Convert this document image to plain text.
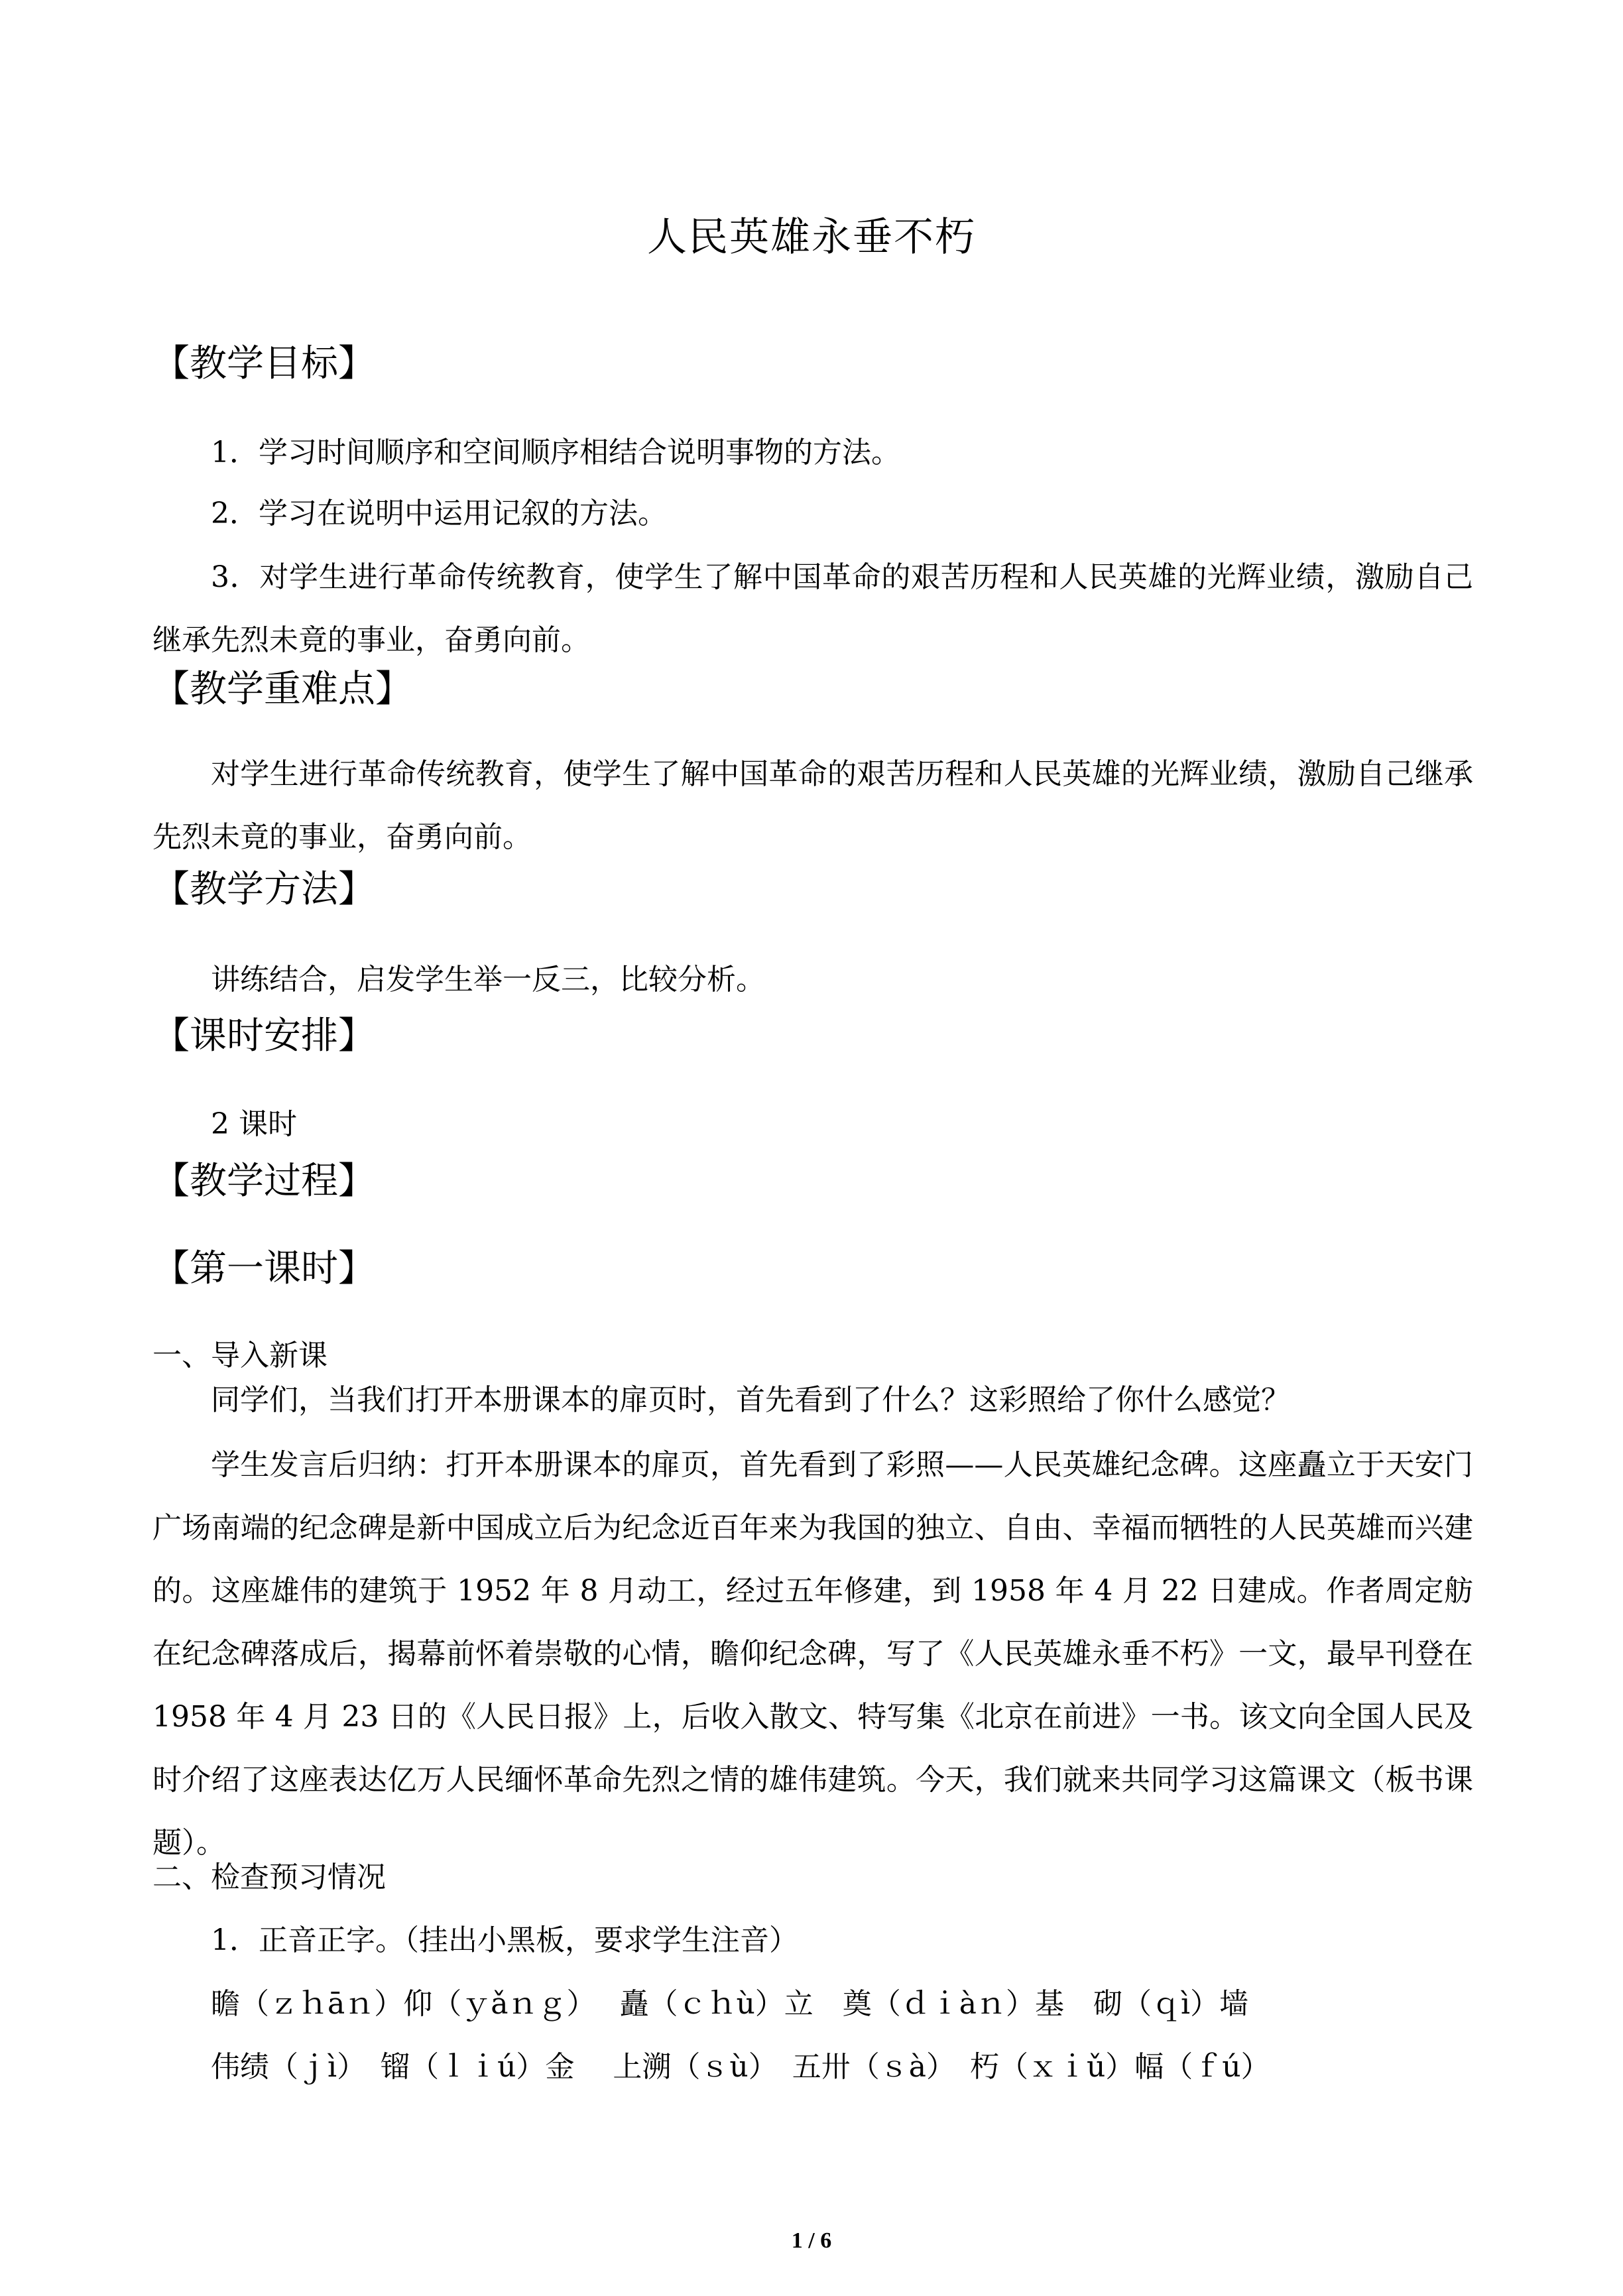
人民英雄永垂不朽
【教学目标】
1．学习时间顺序和空间顺序相结合说明事物的方法。
2．学习在说明中运用记叙的方法。
3．对学生进行革命传统教育，使学生了解中国革命的艰苦历程和人民英雄的光辉业绩，激励自己继承先烈未竟的事业，奋勇向前。
【教学重难点】
对学生进行革命传统教育，使学生了解中国革命的艰苦历程和人民英雄的光辉业绩，激励自己继承先烈未竟的事业，奋勇向前。
【教学方法】
讲练结合，启发学生举一反三，比较分析。
【课时安排】
2 课时
【教学过程】
【第一课时】
一、导入新课
同学们，当我们打开本册课本的扉页时，首先看到了什么？这彩照给了你什么感觉？
学生发言后归纳：打开本册课本的扉页，首先看到了彩照——人民英雄纪念碑。这座矗立于天安门广场南端的纪念碑是新中国成立后为纪念近百年来为我国的独立、自由、幸福而牺牲的人民英雄而兴建的。这座雄伟的建筑于 1952 年 8 月动工，经过五年修建，到 1958 年 4 月 22 日建成。作者周定舫在纪念碑落成后，揭幕前怀着崇敬的心情，瞻仰纪念碑，写了《人民英雄永垂不朽》一文，最早刊登在 1958 年 4 月 23 日的《人民日报》上，后收入散文、特写集《北京在前进》一书。该文向全国人民及时介绍了这座表达亿万人民缅怀革命先烈之情的雄伟建筑。今天，我们就来共同学习这篇课文（板书课题）。
二、检查预习情况
1．正音正字。（挂出小黑板，要求学生注音）
瞻（ｚｈāｎ）仰（ｙǎｎｇ）　 矗（ｃｈù）立　奠（ｄｉàｎ）基　砌（ｑì）墙
伟绩（ｊì）　镏（ｌｉú）金　 上溯（ｓù）　五卅（ｓà）　朽（ｘｉǔ）幅（ｆú）
1 / 6
